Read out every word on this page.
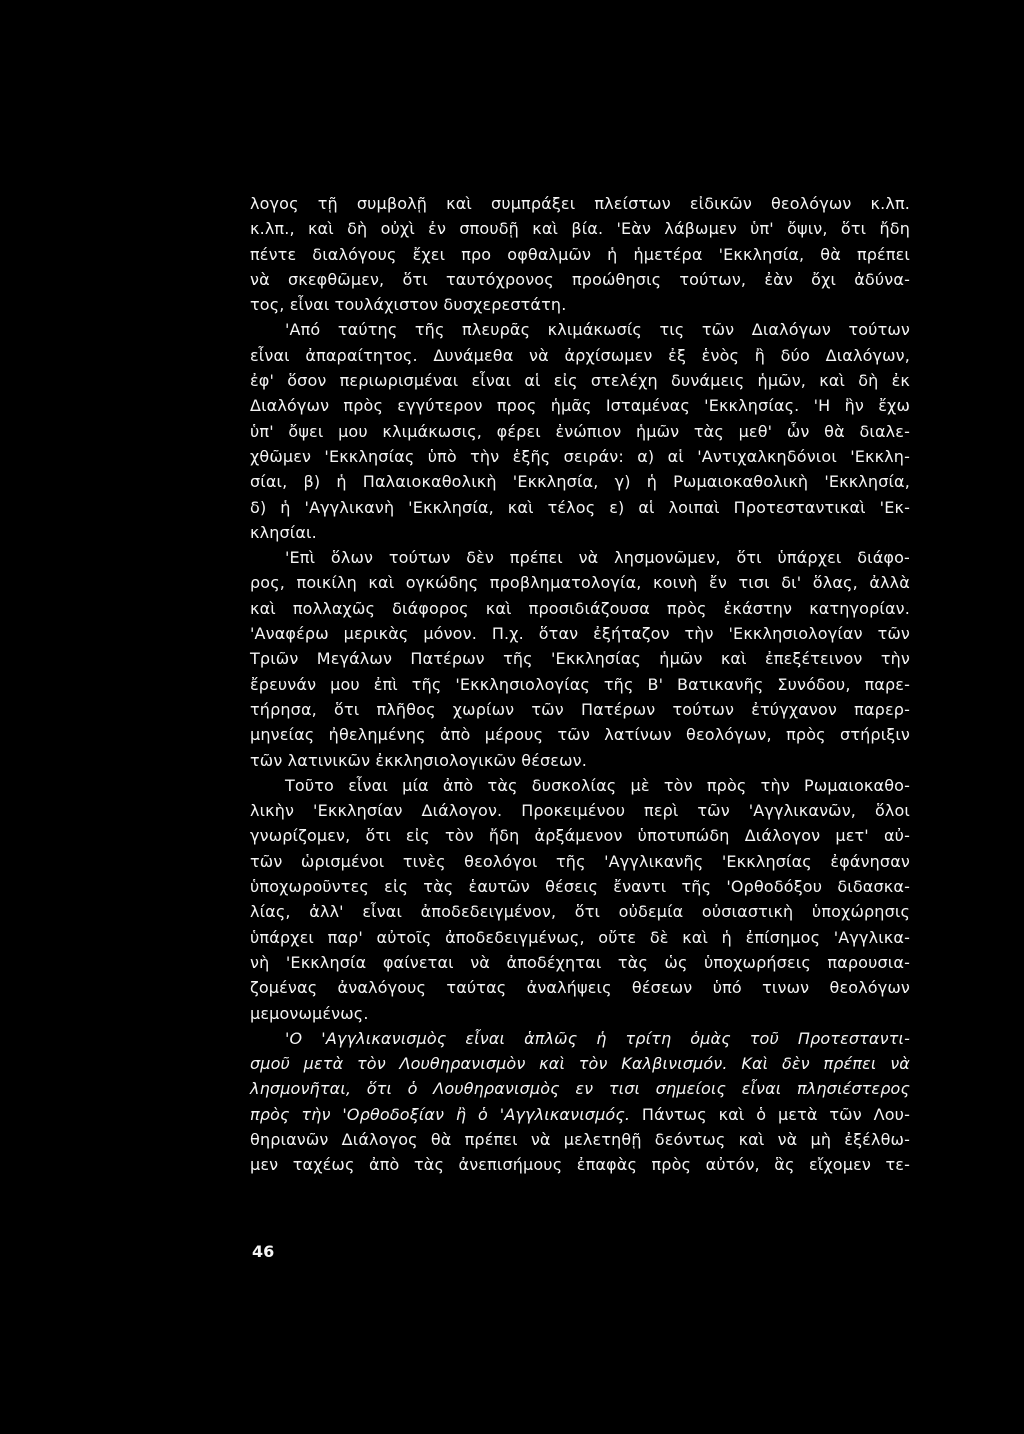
λογος τῇ συμβολῇ καὶ συμπράξει πλείστων εἰδικῶν θεολόγων κ.λπ.
κ.λπ., καὶ δὴ οὐχὶ ἐν σπουδῇ καὶ βία. 'Εὰν λάβωμεν ὑπ' ὄψιν, ὅτι ἤδη
πέντε διαλόγους ἔχει προ οφθαλμῶν ἡ ἡμετέρα 'Εκκλησία, θὰ πρέπει
νὰ σκεφθῶμεν, ὅτι ταυτόχρονος προώθησις τούτων, ἐὰν ὄχι ἀδύνα-
τος, εἶναι τουλάχιστον δυσχερεστάτη.
'Από ταύτης τῆς πλευρᾶς κλιμάκωσίς τις τῶν Διαλόγων τούτων
εἶναι ἀπαραίτητος. Δυνάμεθα νὰ ἀρχίσωμεν ἐξ ἑνὸς ἢ δύο Διαλόγων,
ἐφ' ὅσον περιωρισμέναι εἶναι αἱ εἰς στελέχη δυνάμεις ἡμῶν, καὶ δὴ ἐκ
Διαλόγων πρὸς εγγύτερον προς ἡμᾶς Ισταμένας 'Εκκλησίας. 'Η ἣν ἔχω
ὑπ' ὄψει μου κλιμάκωσις, φέρει ἐνώπιον ἡμῶν τὰς μεθ' ὧν θὰ διαλε-
χθῶμεν 'Εκκλησίας ὑπὸ τὴν ἑξῆς σειράν: α) αἱ 'Αντιχαλκηδόνιοι 'Εκκλη-
σίαι, β) ἡ Παλαιοκαθολικὴ 'Εκκλησία, γ) ἡ Ρωμαιοκαθολικὴ 'Εκκλησία,
δ) ἡ 'Αγγλικανὴ 'Εκκλησία, καὶ τέλος ε) αἱ λοιπαὶ Προτεσταντικαὶ 'Εκ-
κλησίαι.
'Επὶ ὅλων τούτων δὲν πρέπει νὰ λησμονῶμεν, ὅτι ὑπάρχει διάφο-
ρος, ποικίλη καὶ ογκώδης προβληματολογία, κοινὴ ἔν τισι δι' ὅλας, ἀλλὰ
καὶ πολλαχῶς διάφορος καὶ προσιδιάζουσα πρὸς ἑκάστην κατηγορίαν.
'Αναφέρω μερικὰς μόνον. Π.χ. ὅταν ἐξήταζον τὴν 'Εκκλησιολογίαν τῶν
Τριῶν Μεγάλων Πατέρων τῆς 'Εκκλησίας ἡμῶν καὶ ἐπεξέτεινον τὴν
ἔρευνάν μου ἐπὶ τῆς 'Εκκλησιολογίας τῆς Β' Βατικανῆς Συνόδου, παρε-
τήρησα, ὅτι πλῆθος χωρίων τῶν Πατέρων τούτων ἐτύγχανον παρερ-
μηνείας ἠθελημένης ἀπὸ μέρους τῶν λατίνων θεολόγων, πρὸς στήριξιν
τῶν λατινικῶν ἐκκλησιολογικῶν θέσεων.
Τοῦτο εἶναι μία ἀπὸ τὰς δυσκολίας μὲ τὸν πρὸς τὴν Ρωμαιοκαθο-
λικὴν 'Εκκλησίαν Διάλογον. Προκειμένου περὶ τῶν 'Αγγλικανῶν, ὅλοι
γνωρίζομεν, ὅτι εἰς τὸν ἤδη ἀρξάμενον ὑποτυπώδη Διάλογον μετ' αὐ-
τῶν ὡρισμένοι τινὲς θεολόγοι τῆς 'Αγγλικανῆς 'Εκκλησίας ἐφάνησαν
ὑποχωροῦντες εἰς τὰς ἑαυτῶν θέσεις ἔναντι τῆς 'Ορθοδόξου διδασκα-
λίας, ἀλλ' εἶναι ἀποδεδειγμένον, ὅτι οὐδεμία οὐσιαστικὴ ὑποχώρησις
ὑπάρχει παρ' αὐτοῖς ἀποδεδειγμένως, οὔτε δὲ καὶ ἡ ἐπίσημος 'Αγγλικα-
νὴ 'Εκκλησία φαίνεται νὰ ἀποδέχηται τὰς ὡς ὑποχωρήσεις παρουσια-
ζομένας ἀναλόγους ταύτας ἀναλήψεις θέσεων ὑπό τινων θεολόγων
μεμονωμένως.
'Ο 'Αγγλικανισμὸς εἶναι ἁπλῶς ἡ τρίτη ὁμὰς τοῦ Προτεσταντι-
σμοῦ μετὰ τὸν Λουθηρανισμὸν καὶ τὸν Καλβινισμόν. Καὶ δὲν πρέπει νὰ
λησμονῆται, ὅτι ὁ Λουθηρανισμὸς εν τισι σημείοις εἶναι πλησιέστερος
πρὸς τὴν 'Ορθοδοξίαν ἢ ὁ 'Αγγλικανισμός. Πάντως καὶ ὁ μετὰ τῶν Λου-
θηριανῶν Διάλογος θὰ πρέπει νὰ μελετηθῇ δεόντως καὶ νὰ μὴ ἐξέλθω-
μεν ταχέως ἀπὸ τὰς ἀνεπισήμους ἐπαφὰς πρὸς αὐτόν, ἃς εἴχομεν τε-

46
